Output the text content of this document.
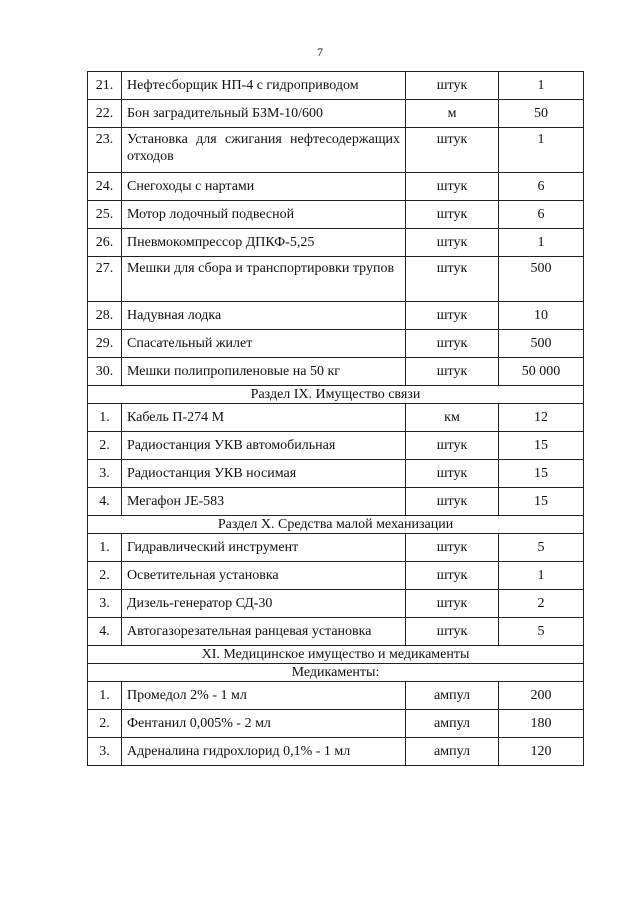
7
21.	Нефтесборщик НП-4 с гидроприводом	штук	1
22.	Бон заградительный БЗМ-10/600	м	50
23.	Установка для сжигания нефтесодержащих отходов	штук	1
24.	Снегоходы с нартами	штук	6
25.	Мотор лодочный подвесной	штук	6
26.	Пневмокомпрессор ДПКФ-5,25	штук	1
27.	Мешки для сбора и транспортировки трупов	штук	500
28.	Надувная лодка	штук	10
29.	Спасательный жилет	штук	500
30.	Мешки полипропиленовые на 50 кг	штук	50 000
Раздел IX. Имущество связи			
1.	Кабель П-274 М	км	12
2.	Радиостанция УКВ автомобильная	штук	15
3.	Радиостанция УКВ носимая	штук	15
4.	Мегафон JE-583	штук	15
Раздел X. Средства малой механизации			
1.	Гидравлический инструмент	штук	5
2.	Осветительная установка	штук	1
3.	Дизель-генератор СД-30	штук	2
4.	Автогазорезательная ранцевая установка	штук	5
XI. Медицинское имущество и медикаменты			
Медикаменты:			
1.	Промедол 2% - 1 мл	ампул	200
2.	Фентанил 0,005% - 2 мл	ампул	180
3.	Адреналина гидрохлорид 0,1% - 1 мл	ампул	120
